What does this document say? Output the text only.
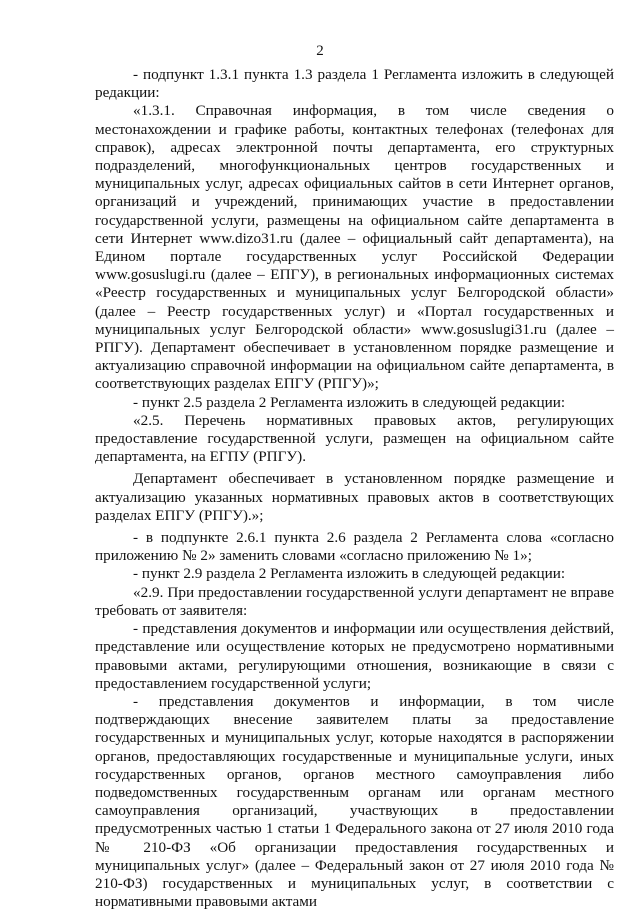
2

- подпункт 1.3.1 пункта 1.3 раздела 1 Регламента изложить в следующей редакции:

«1.3.1. Справочная информация, в том числе сведения о местонахождении и графике работы, контактных телефонах (телефонах для справок), адресах электронной почты департамента, его структурных подразделений, многофункциональных центров государственных и муниципальных услуг, адресах официальных сайтов в сети Интернет органов, организаций и учреждений, принимающих участие в предоставлении государственной услуги, размещены на официальном сайте департамента в сети Интернет www.dizo31.ru (далее – официальный сайт департамента), на Едином портале государственных услуг Российской Федерации www.gosuslugi.ru (далее – ЕПГУ), в региональных информационных системах «Реестр государственных и муниципальных услуг Белгородской области» (далее – Реестр государственных услуг) и «Портал государственных и муниципальных услуг Белгородской области» www.gosuslugi31.ru (далее – РПГУ). Департамент обеспечивает в установленном порядке размещение и актуализацию справочной информации на официальном сайте департамента, в соответствующих разделах ЕПГУ (РПГУ)»;

- пункт 2.5 раздела 2 Регламента изложить в следующей редакции:

«2.5. Перечень нормативных правовых актов, регулирующих предоставление государственной услуги, размещен на официальном сайте департамента, на ЕГПУ (РПГУ).

Департамент обеспечивает в установленном порядке размещение и актуализацию указанных нормативных правовых актов в соответствующих разделах ЕПГУ (РПГУ).»;

- в подпункте 2.6.1 пункта 2.6 раздела 2 Регламента слова «согласно приложению № 2» заменить словами «согласно приложению № 1»;

- пункт 2.9 раздела 2 Регламента изложить в следующей редакции:

«2.9. При предоставлении государственной услуги департамент не вправе требовать от заявителя:

- представления документов и информации или осуществления действий, представление или осуществление которых не предусмотрено нормативными правовыми актами, регулирующими отношения, возникающие в связи с предоставлением государственной услуги;

- представления документов и информации, в том числе подтверждающих внесение заявителем платы за предоставление государственных и муниципальных услуг, которые находятся в распоряжении органов, предоставляющих государственные и муниципальные услуги, иных государственных органов, органов местного самоуправления либо подведомственных государственным органам или органам местного самоуправления организаций, участвующих в предоставлении предусмотренных частью 1 статьи 1 Федерального закона от 27 июля 2010 года № 210-ФЗ «Об организации предоставления государственных и муниципальных услуг» (далее – Федеральный закон от 27 июля 2010 года № 210-ФЗ) государственных и муниципальных услуг, в соответствии с нормативными правовыми актами
